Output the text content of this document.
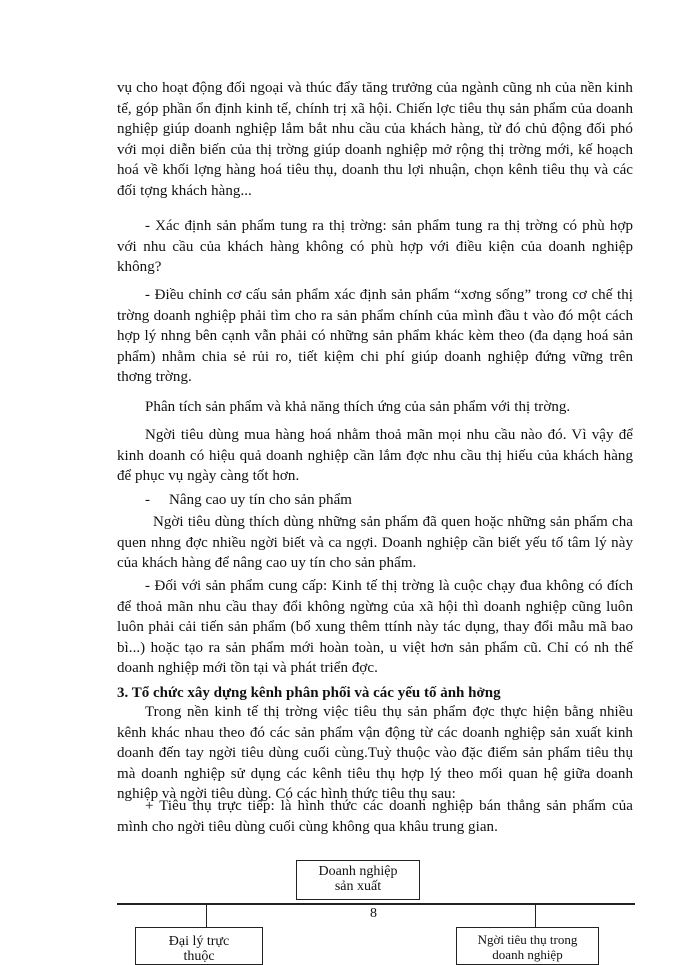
vụ cho hoạt động đối ngoại và thúc đẩy tăng trưởng của ngành cũng nh của nền kinh tế, góp phần ổn định kinh tế, chính trị xã hội. Chiến lợc tiêu thụ sản phẩm của doanh nghiệp giúp doanh nghiệp lắm bắt nhu cầu của khách hàng, từ đó chủ động đối phó với mọi diễn biến của thị trờng giúp doanh nghiệp mở rộng thị trờng mới, kế hoạch hoá về khối lợng hàng hoá tiêu thụ, doanh thu lợi nhuận, chọn kênh tiêu thụ và các đối tợng khách hàng...

- Xác định sản phẩm tung ra thị trờng: sản phẩm tung ra thị trờng có phù hợp với nhu cầu của khách hàng không có phù hợp với điều kiện của doanh nghiệp không?

- Điều chỉnh cơ cấu sản phẩm xác định sản phẩm “xơng sống” trong cơ chế thị trờng doanh nghiệp phải tìm cho ra sản phẩm chính của mình đầu t vào đó một cách hợp lý nhng bên cạnh vẫn phải có những sản phẩm khác kèm theo (đa dạng hoá sản phẩm) nhằm chia sẻ rủi ro, tiết kiệm chi phí giúp doanh nghiệp đứng vững trên thơng trờng.

Phân tích sản phẩm và khả năng thích ứng của sản phẩm với thị trờng.

Ngời tiêu dùng mua hàng hoá nhằm thoả mãn mọi nhu cầu nào đó. Vì vậy để kinh doanh có hiệu quả doanh nghiệp cần lắm đợc nhu cầu thị hiếu của khách hàng để phục vụ ngày càng tốt hơn.

- Nâng cao uy tín cho sản phẩm

Ngời tiêu dùng thích dùng những sản phẩm đã quen hoặc những sản phẩm cha quen nhng đợc nhiều ngời biết và ca ngợi. Doanh nghiệp cần biết yếu tố tâm lý này của khách hàng để nâng cao uy tín cho sản phẩm.

- Đối với sản phẩm cung cấp: Kinh tế thị trờng là cuộc chạy đua không có đích để thoả mãn nhu cầu thay đổi không ngừng của xã hội thì doanh nghiệp cũng luôn luôn phải cải tiến sản phẩm (bổ xung thêm ttính này tác dụng, thay đổi mẫu mã bao bì...) hoặc tạo ra sản phẩm mới hoàn toàn, u việt hơn sản phẩm cũ. Chỉ có nh thế doanh nghiệp mới tồn tại và phát triển đợc.

3. Tổ chức xây dựng kênh phân phối và các yếu tố ảnh hởng

Trong nền kinh tế thị trờng việc tiêu thụ sản phẩm đợc thực hiện bằng nhiều kênh khác nhau theo đó các sản phẩm vận động từ các doanh nghiệp sản xuất kinh doanh đến tay ngời tiêu dùng cuối cùng.Tuỳ thuộc vào đặc điểm sản phẩm tiêu thụ mà doanh nghiệp sử dụng các kênh tiêu thụ hợp lý theo mối quan hệ giữa doanh nghiệp và ngời tiêu dùng. Có các hình thức tiêu thụ sau:

+ Tiêu thụ trực tiếp: là hình thức các doanh nghiệp bán thẳng sản phẩm của mình cho ngời tiêu dùng cuối cùng không qua khâu trung gian.

Doanh nghiệp
sản xuất
Đại lý trực
thuộc
Ngời tiêu thụ trong
doanh nghiệp
8
